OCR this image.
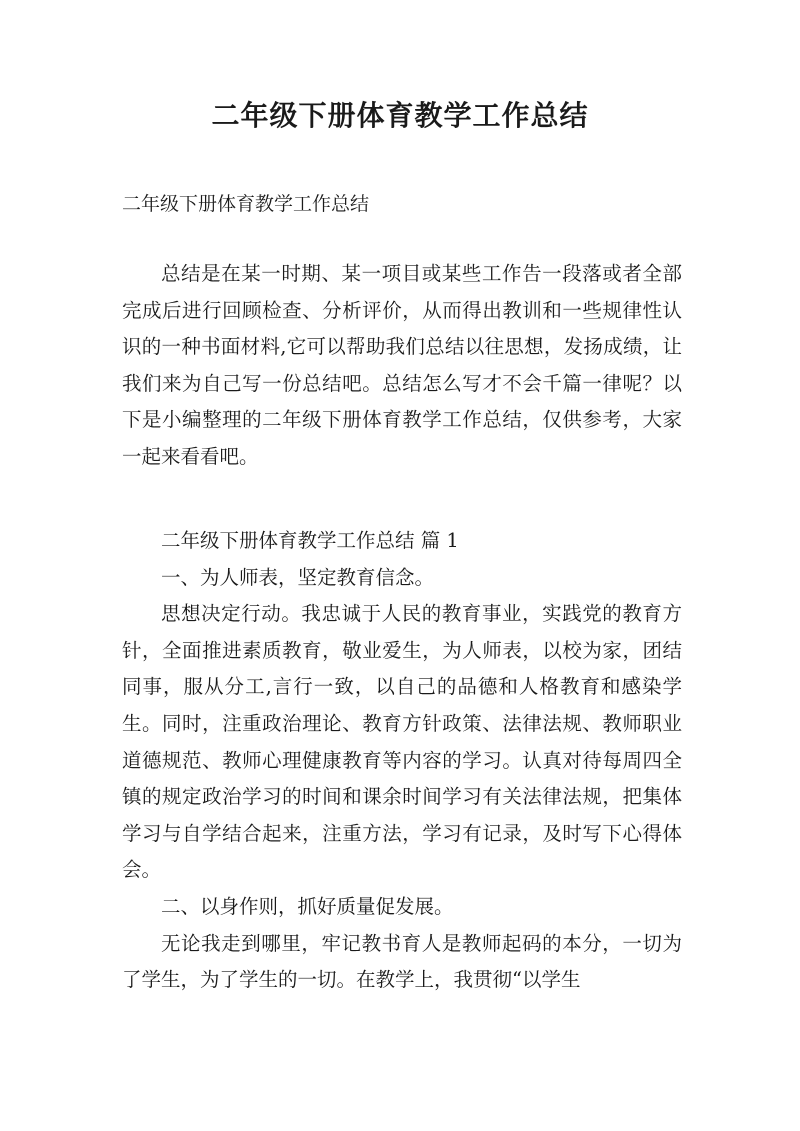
二年级下册体育教学工作总结

二年级下册体育教学工作总结

总结是在某一时期、某一项目或某些工作告一段落或者全部完成后进行回顾检查、分析评价，从而得出教训和一些规律性认识的一种书面材料,它可以帮助我们总结以往思想，发扬成绩，让我们来为自己写一份总结吧。总结怎么写才不会千篇一律呢？以下是小编整理的二年级下册体育教学工作总结，仅供参考，大家一起来看看吧。

二年级下册体育教学工作总结 篇 1

一、为人师表，坚定教育信念。

思想决定行动。我忠诚于人民的教育事业，实践党的教育方针，全面推进素质教育，敬业爱生，为人师表，以校为家，团结同事，服从分工,言行一致，以自己的品德和人格教育和感染学生。同时，注重政治理论、教育方针政策、法律法规、教师职业道德规范、教师心理健康教育等内容的学习。认真对待每周四全镇的规定政治学习的时间和课余时间学习有关法律法规，把集体学习与自学结合起来，注重方法，学习有记录，及时写下心得体会。

二、以身作则，抓好质量促发展。

无论我走到哪里，牢记教书育人是教师起码的本分，一切为了学生，为了学生的一切。在教学上，我贯彻“以学生
